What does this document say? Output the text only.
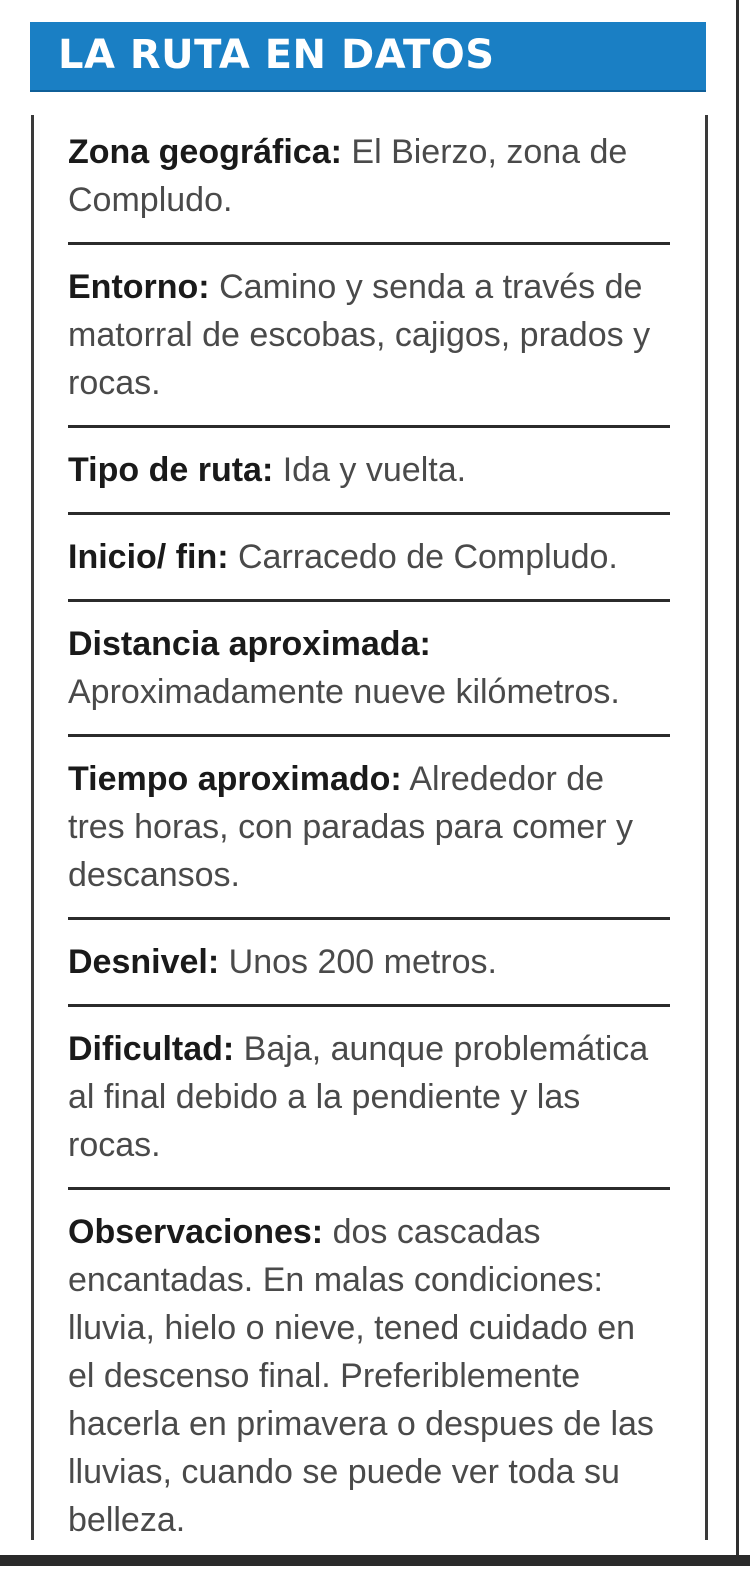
LA RUTA EN DATOS
Zona geográfica: El Bierzo, zona de Compludo.
Entorno: Camino y senda a través de matorral de escobas, cajigos, prados y rocas.
Tipo de ruta: Ida y vuelta.
Inicio/ fin: Carracedo de Compludo.
Distancia aproximada: Aproximadamente nueve kilómetros.
Tiempo aproximado: Alrededor de tres horas, con paradas para comer y descansos.
Desnivel: Unos 200 metros.
Dificultad: Baja, aunque problemática al final debido a la pendiente y las rocas.
Observaciones: dos cascadas encantadas. En malas condiciones: lluvia, hielo o nieve, tened cuidado en el descenso final. Preferiblemente hacerla en primavera o despues de las lluvias, cuando se puede ver toda su belleza.
